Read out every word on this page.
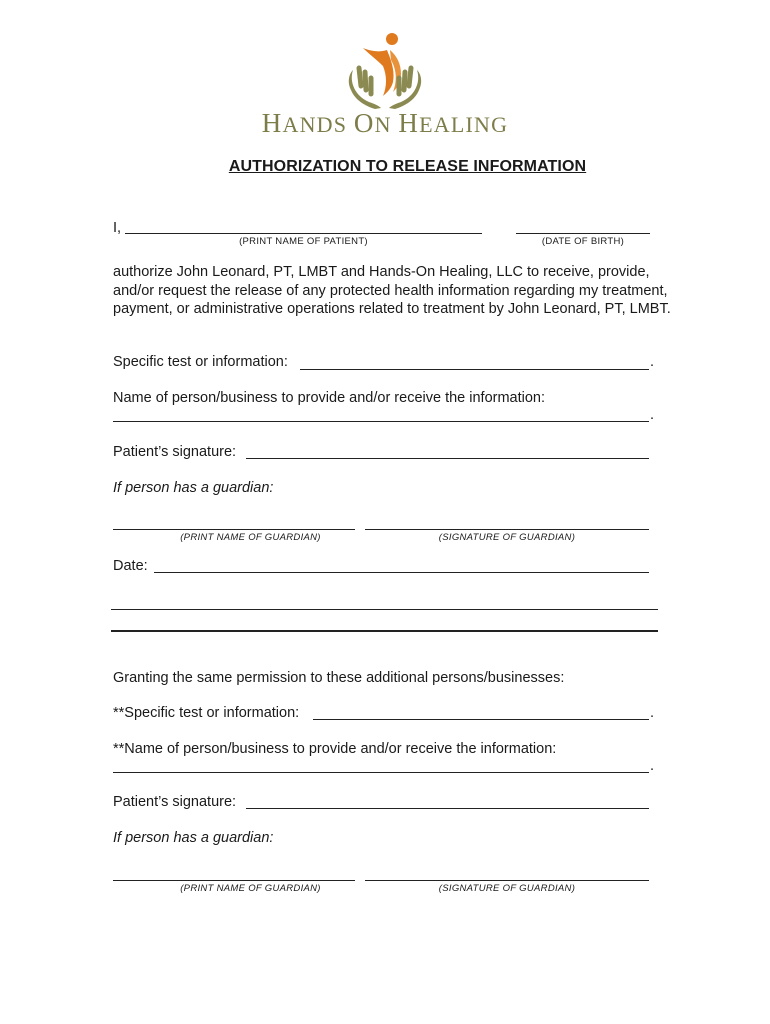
HANDS ON HEALING
AUTHORIZATION TO RELEASE INFORMATION
I,
(PRINT NAME OF PATIENT)	(DATE OF BIRTH)
authorize John Leonard, PT, LMBT and Hands-On Healing, LLC to receive, provide, and/or request the release of any protected health information regarding my treatment, payment, or administrative operations related to treatment by John Leonard, PT, LMBT.
Specific test or information:	.
Name of person/business to provide and/or receive the information:
.
Patient’s signature:
If person has a guardian:
(PRINT NAME OF GUARDIAN)	(SIGNATURE OF GUARDIAN)
Date:
Granting the same permission to these additional persons/businesses:
**Specific test or information:	.
**Name of person/business to provide and/or receive the information:
.
Patient’s signature:
If person has a guardian:
(PRINT NAME OF GUARDIAN)	(SIGNATURE OF GUARDIAN)
